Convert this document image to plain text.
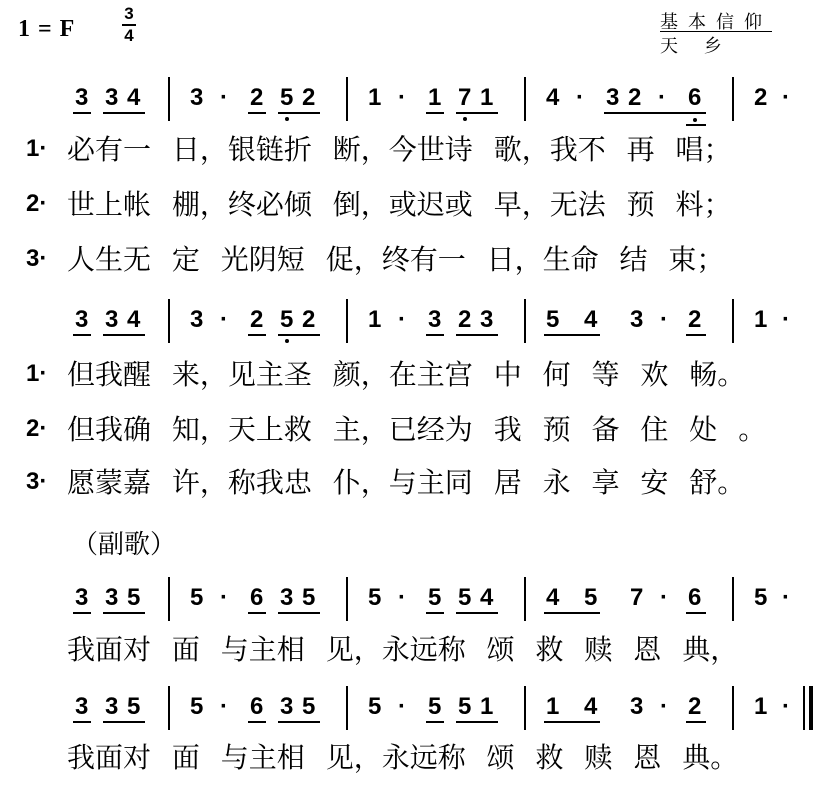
1 = F
3
4
基本信仰
天 乡
3 3 4 3 · 2 5 2 1 · 1 7 1 4 · 3 2 · 6 2 ·
1· 必有一 日，银链折 断，今世诗 歌，我不 再 唱；
2· 世上帐 棚，终必倾 倒，或迟或 早，无法 预 料；
3· 人生无 定 光阴短 促，终有一 日，生命 结 束；
3 3 4 3 · 2 5 2 1 · 3 2 3 5 4 3 · 2 1 ·
1· 但我醒 来，见主圣 颜，在主宫 中 何 等 欢 畅。
2· 但我确 知，天上救 主，已经为 我 预 备 住 处 。
3· 愿蒙嘉 许，称我忠 仆，与主同 居 永 享 安 舒。
（副歌）
3 3 5 5 · 6 3 5 5 · 5 5 4 4 5 7 · 6 5 ·
我面对 面 与主相 见，永远称 颂 救 赎 恩 典，
3 3 5 5 · 6 3 5 5 · 5 5 1 1 4 3 · 2 1 ·
我面对 面 与主相 见，永远称 颂 救 赎 恩 典。
